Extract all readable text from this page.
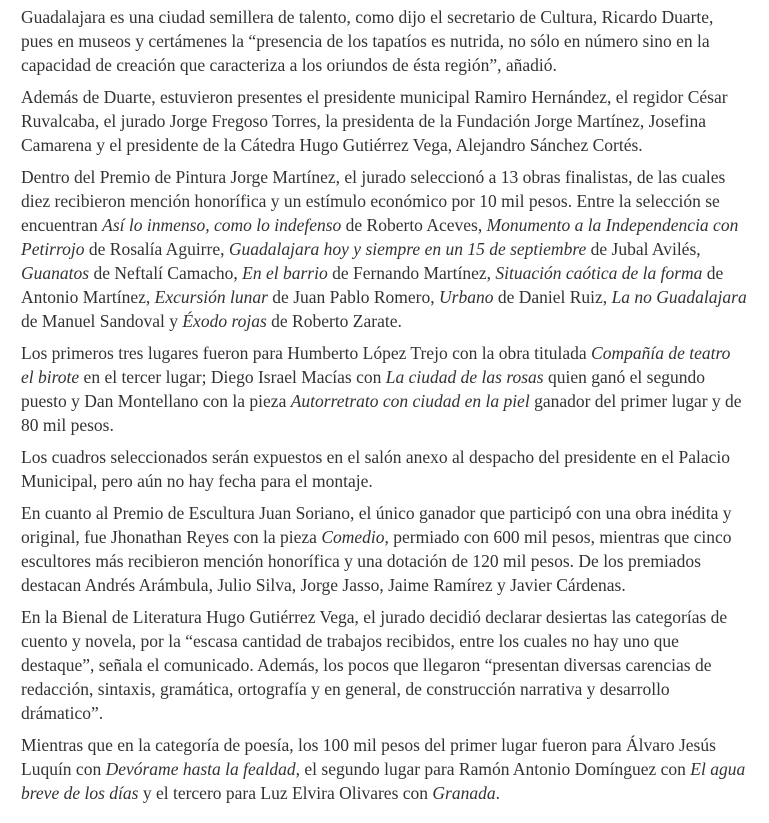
Guadalajara es una ciudad semillera de talento, como dijo el secretario de Cultura, Ricardo Duarte, pues en museos y certámenes la “presencia de los tapatíos es nutrida, no sólo en número sino en la capacidad de creación que caracteriza a los oriundos de ésta región”, añadió.

Además de Duarte, estuvieron presentes el presidente municipal Ramiro Hernández, el regidor César Ruvalcaba, el jurado Jorge Fregoso Torres, la presidenta de la Fundación Jorge Martínez, Josefina Camarena y el presidente de la Cátedra Hugo Gutiérrez Vega, Alejandro Sánchez Cortés.

Dentro del Premio de Pintura Jorge Martínez, el jurado seleccionó a 13 obras finalistas, de las cuales diez recibieron mención honorífica y un estímulo económico por 10 mil pesos. Entre la selección se encuentran Así lo inmenso, como lo indefenso de Roberto Aceves, Monumento a la Independencia con Petirrojo de Rosalía Aguirre, Guadalajara hoy y siempre en un 15 de septiembre de Jubal Avilés, Guanatos de Neftalí Camacho, En el barrio de Fernando Martínez, Situación caótica de la forma de Antonio Martínez, Excursión lunar de Juan Pablo Romero, Urbano de Daniel Ruiz, La no Guadalajara de Manuel Sandoval y Éxodo rojas de Roberto Zarate.

Los primeros tres lugares fueron para Humberto López Trejo con la obra titulada Compañía de teatro el birote en el tercer lugar; Diego Israel Macías con La ciudad de las rosas quien ganó el segundo puesto y Dan Montellano con la pieza Autorretrato con ciudad en la piel ganador del primer lugar y de 80 mil pesos.

Los cuadros seleccionados serán expuestos en el salón anexo al despacho del presidente en el Palacio Municipal, pero aún no hay fecha para el montaje.

En cuanto al Premio de Escultura Juan Soriano, el único ganador que participó con una obra inédita y original, fue Jhonathan Reyes con la pieza Comedio, permiado con 600 mil pesos, mientras que cinco escultores más recibieron mención honorífica y una dotación de 120 mil pesos. De los premiados destacan Andrés Arámbula, Julio Silva, Jorge Jasso, Jaime Ramírez y Javier Cárdenas.

En la Bienal de Literatura Hugo Gutiérrez Vega, el jurado decidió declarar desiertas las categorías de cuento y novela, por la “escasa cantidad de trabajos recibidos, entre los cuales no hay uno que destaque”, señala el comunicado. Además, los pocos que llegaron “presentan diversas carencias de redacción, sintaxis, gramática, ortografía y en general, de construcción narrativa y desarrollo drámatico”.

Mientras que en la categoría de poesía, los 100 mil pesos del primer lugar fueron para Álvaro Jesús Luquín con Devórame hasta la fealdad, el segundo lugar para Ramón Antonio Domínguez con El agua breve de los días y el tercero para Luz Elvira Olivares con Granada.
